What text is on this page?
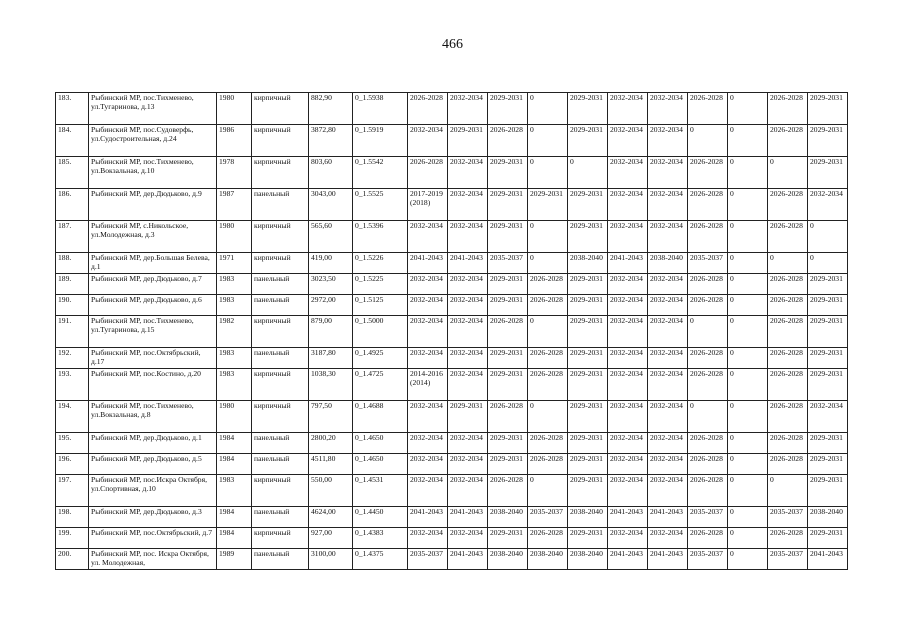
466
183.	Рыбинский МР, пос.Тихменево, ул.Тугаринова, д.13	1980	кирпичный	882,90	0_1.5938	2026-2028	2032-2034	2029-2031	0	2029-2031	2032-2034	2032-2034	2026-2028	0	2026-2028	2029-2031
184.	Рыбинский МР, пос.Судоверфь, ул.Судостроительная, д.24	1986	кирпичный	3872,80	0_1.5919	2032-2034	2029-2031	2026-2028	0	2029-2031	2032-2034	2032-2034	0	0	2026-2028	2029-2031
185.	Рыбинский МР, пос.Тихменево, ул.Вокзальная, д.10	1978	кирпичный	803,60	0_1.5542	2026-2028	2032-2034	2029-2031	0	0	2032-2034	2032-2034	2026-2028	0	0	2029-2031
186.	Рыбинский МР, дер.Дюдьково, д.9	1987	панельный	3043,00	0_1.5525	2017-2019 (2018)	2032-2034	2029-2031	2029-2031	2029-2031	2032-2034	2032-2034	2026-2028	0	2026-2028	2032-2034
187.	Рыбинский МР, с.Никольское, ул.Молодежная, д.3	1980	кирпичный	565,60	0_1.5396	2032-2034	2032-2034	2029-2031	0	2029-2031	2032-2034	2032-2034	2026-2028	0	2026-2028	0
188.	Рыбинский МР, дер.Большая Белева, д.1	1971	кирпичный	419,00	0_1.5226	2041-2043	2041-2043	2035-2037	0	2038-2040	2041-2043	2038-2040	2035-2037	0	0	0
189.	Рыбинский МР, дер.Дюдьково, д.7	1983	панельный	3023,50	0_1.5225	2032-2034	2032-2034	2029-2031	2026-2028	2029-2031	2032-2034	2032-2034	2026-2028	0	2026-2028	2029-2031
190.	Рыбинский МР, дер.Дюдьково, д.6	1983	панельный	2972,00	0_1.5125	2032-2034	2032-2034	2029-2031	2026-2028	2029-2031	2032-2034	2032-2034	2026-2028	0	2026-2028	2029-2031
191.	Рыбинский МР, пос.Тихменево, ул.Тугаринова, д.15	1982	кирпичный	879,00	0_1.5000	2032-2034	2032-2034	2026-2028	0	2029-2031	2032-2034	2032-2034	0	0	2026-2028	2029-2031
192.	Рыбинский МР, пос.Октябрьский, д.17	1983	панельный	3187,80	0_1.4925	2032-2034	2032-2034	2029-2031	2026-2028	2029-2031	2032-2034	2032-2034	2026-2028	0	2026-2028	2029-2031
193.	Рыбинский МР, пос.Костино, д.20	1983	кирпичный	1038,30	0_1.4725	2014-2016 (2014)	2032-2034	2029-2031	2026-2028	2029-2031	2032-2034	2032-2034	2026-2028	0	2026-2028	2029-2031
194.	Рыбинский МР, пос.Тихменево, ул.Вокзальная, д.8	1980	кирпичный	797,50	0_1.4688	2032-2034	2029-2031	2026-2028	0	2029-2031	2032-2034	2032-2034	0	0	2026-2028	2032-2034
195.	Рыбинский МР, дер.Дюдьково, д.1	1984	панельный	2800,20	0_1.4650	2032-2034	2032-2034	2029-2031	2026-2028	2029-2031	2032-2034	2032-2034	2026-2028	0	2026-2028	2029-2031
196.	Рыбинский МР, дер.Дюдьково, д.5	1984	панельный	4511,80	0_1.4650	2032-2034	2032-2034	2029-2031	2026-2028	2029-2031	2032-2034	2032-2034	2026-2028	0	2026-2028	2029-2031
197.	Рыбинский МР, пос.Искра Октября, ул.Спортивная, д.10	1983	кирпичный	550,00	0_1.4531	2032-2034	2032-2034	2026-2028	0	2029-2031	2032-2034	2032-2034	2026-2028	0	0	2029-2031
198.	Рыбинский МР, дер.Дюдьково, д.3	1984	панельный	4624,00	0_1.4450	2041-2043	2041-2043	2038-2040	2035-2037	2038-2040	2041-2043	2041-2043	2035-2037	0	2035-2037	2038-2040
199.	Рыбинский МР, пос.Октябрьский, д.7	1984	кирпичный	927,00	0_1.4383	2032-2034	2032-2034	2029-2031	2026-2028	2029-2031	2032-2034	2032-2034	2026-2028	0	2026-2028	2029-2031
200.	Рыбинский МР, пос. Искра Октября, ул. Молодежная,	1989	панельный	3100,00	0_1.4375	2035-2037	2041-2043	2038-2040	2038-2040	2038-2040	2041-2043	2041-2043	2035-2037	0	2035-2037	2041-2043
